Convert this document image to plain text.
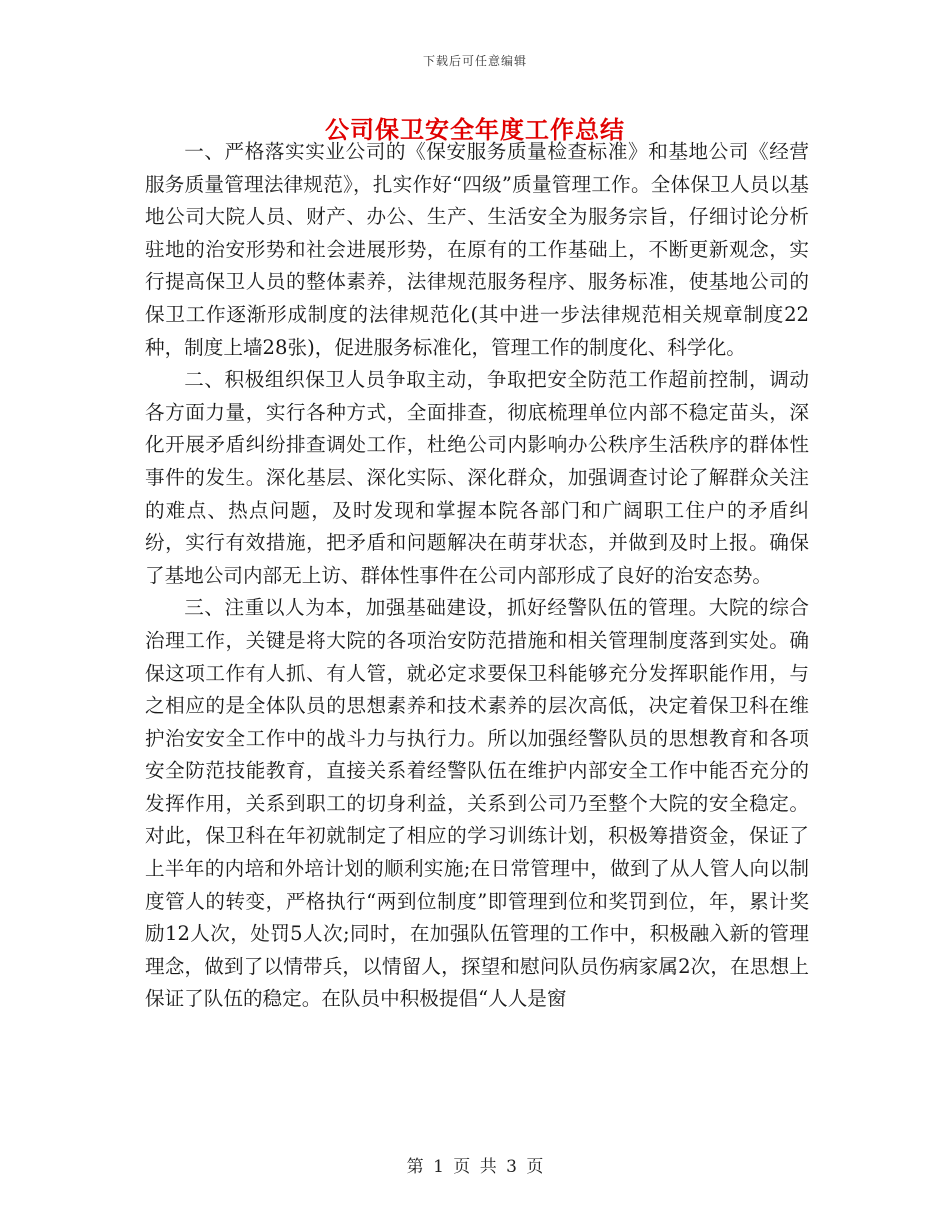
下载后可任意编辑
公司保卫安全年度工作总结

一、严格落实实业公司的《保安服务质量检查标准》和基地公司《经营服务质量管理法律规范》，扎实作好“四级”质量管理工作。全体保卫人员以基地公司大院人员、财产、办公、生产、生活安全为服务宗旨，仔细讨论分析驻地的治安形势和社会进展形势，在原有的工作基础上，不断更新观念，实行提高保卫人员的整体素养，法律规范服务程序、服务标准，使基地公司的保卫工作逐渐形成制度的法律规范化(其中进一步法律规范相关规章制度22种，制度上墙28张)，促进服务标准化，管理工作的制度化、科学化。

二、积极组织保卫人员争取主动，争取把安全防范工作超前控制，调动各方面力量，实行各种方式，全面排查，彻底梳理单位内部不稳定苗头，深化开展矛盾纠纷排查调处工作，杜绝公司内影响办公秩序生活秩序的群体性事件的发生。深化基层、深化实际、深化群众，加强调查讨论了解群众关注的难点、热点问题，及时发现和掌握本院各部门和广阔职工住户的矛盾纠纷，实行有效措施，把矛盾和问题解决在萌芽状态，并做到及时上报。确保了基地公司内部无上访、群体性事件在公司内部形成了良好的治安态势。

三、注重以人为本，加强基础建设，抓好经警队伍的管理。大院的综合治理工作，关键是将大院的各项治安防范措施和相关管理制度落到实处。确保这项工作有人抓、有人管，就必定求要保卫科能够充分发挥职能作用，与之相应的是全体队员的思想素养和技术素养的层次高低，决定着保卫科在维护治安安全工作中的战斗力与执行力。所以加强经警队员的思想教育和各项安全防范技能教育，直接关系着经警队伍在维护内部安全工作中能否充分的发挥作用，关系到职工的切身利益，关系到公司乃至整个大院的安全稳定。对此，保卫科在年初就制定了相应的学习训练计划，积极筹措资金，保证了上半年的内培和外培计划的顺利实施;在日常管理中，做到了从人管人向以制度管人的转变，严格执行“两到位制度”即管理到位和奖罚到位，年，累计奖励12人次，处罚5人次;同时，在加强队伍管理的工作中，积极融入新的管理理念，做到了以情带兵，以情留人，探望和慰问队员伤病家属2次，在思想上保证了队伍的稳定。在队员中积极提倡“人人是窗

第 1 页 共 3 页
